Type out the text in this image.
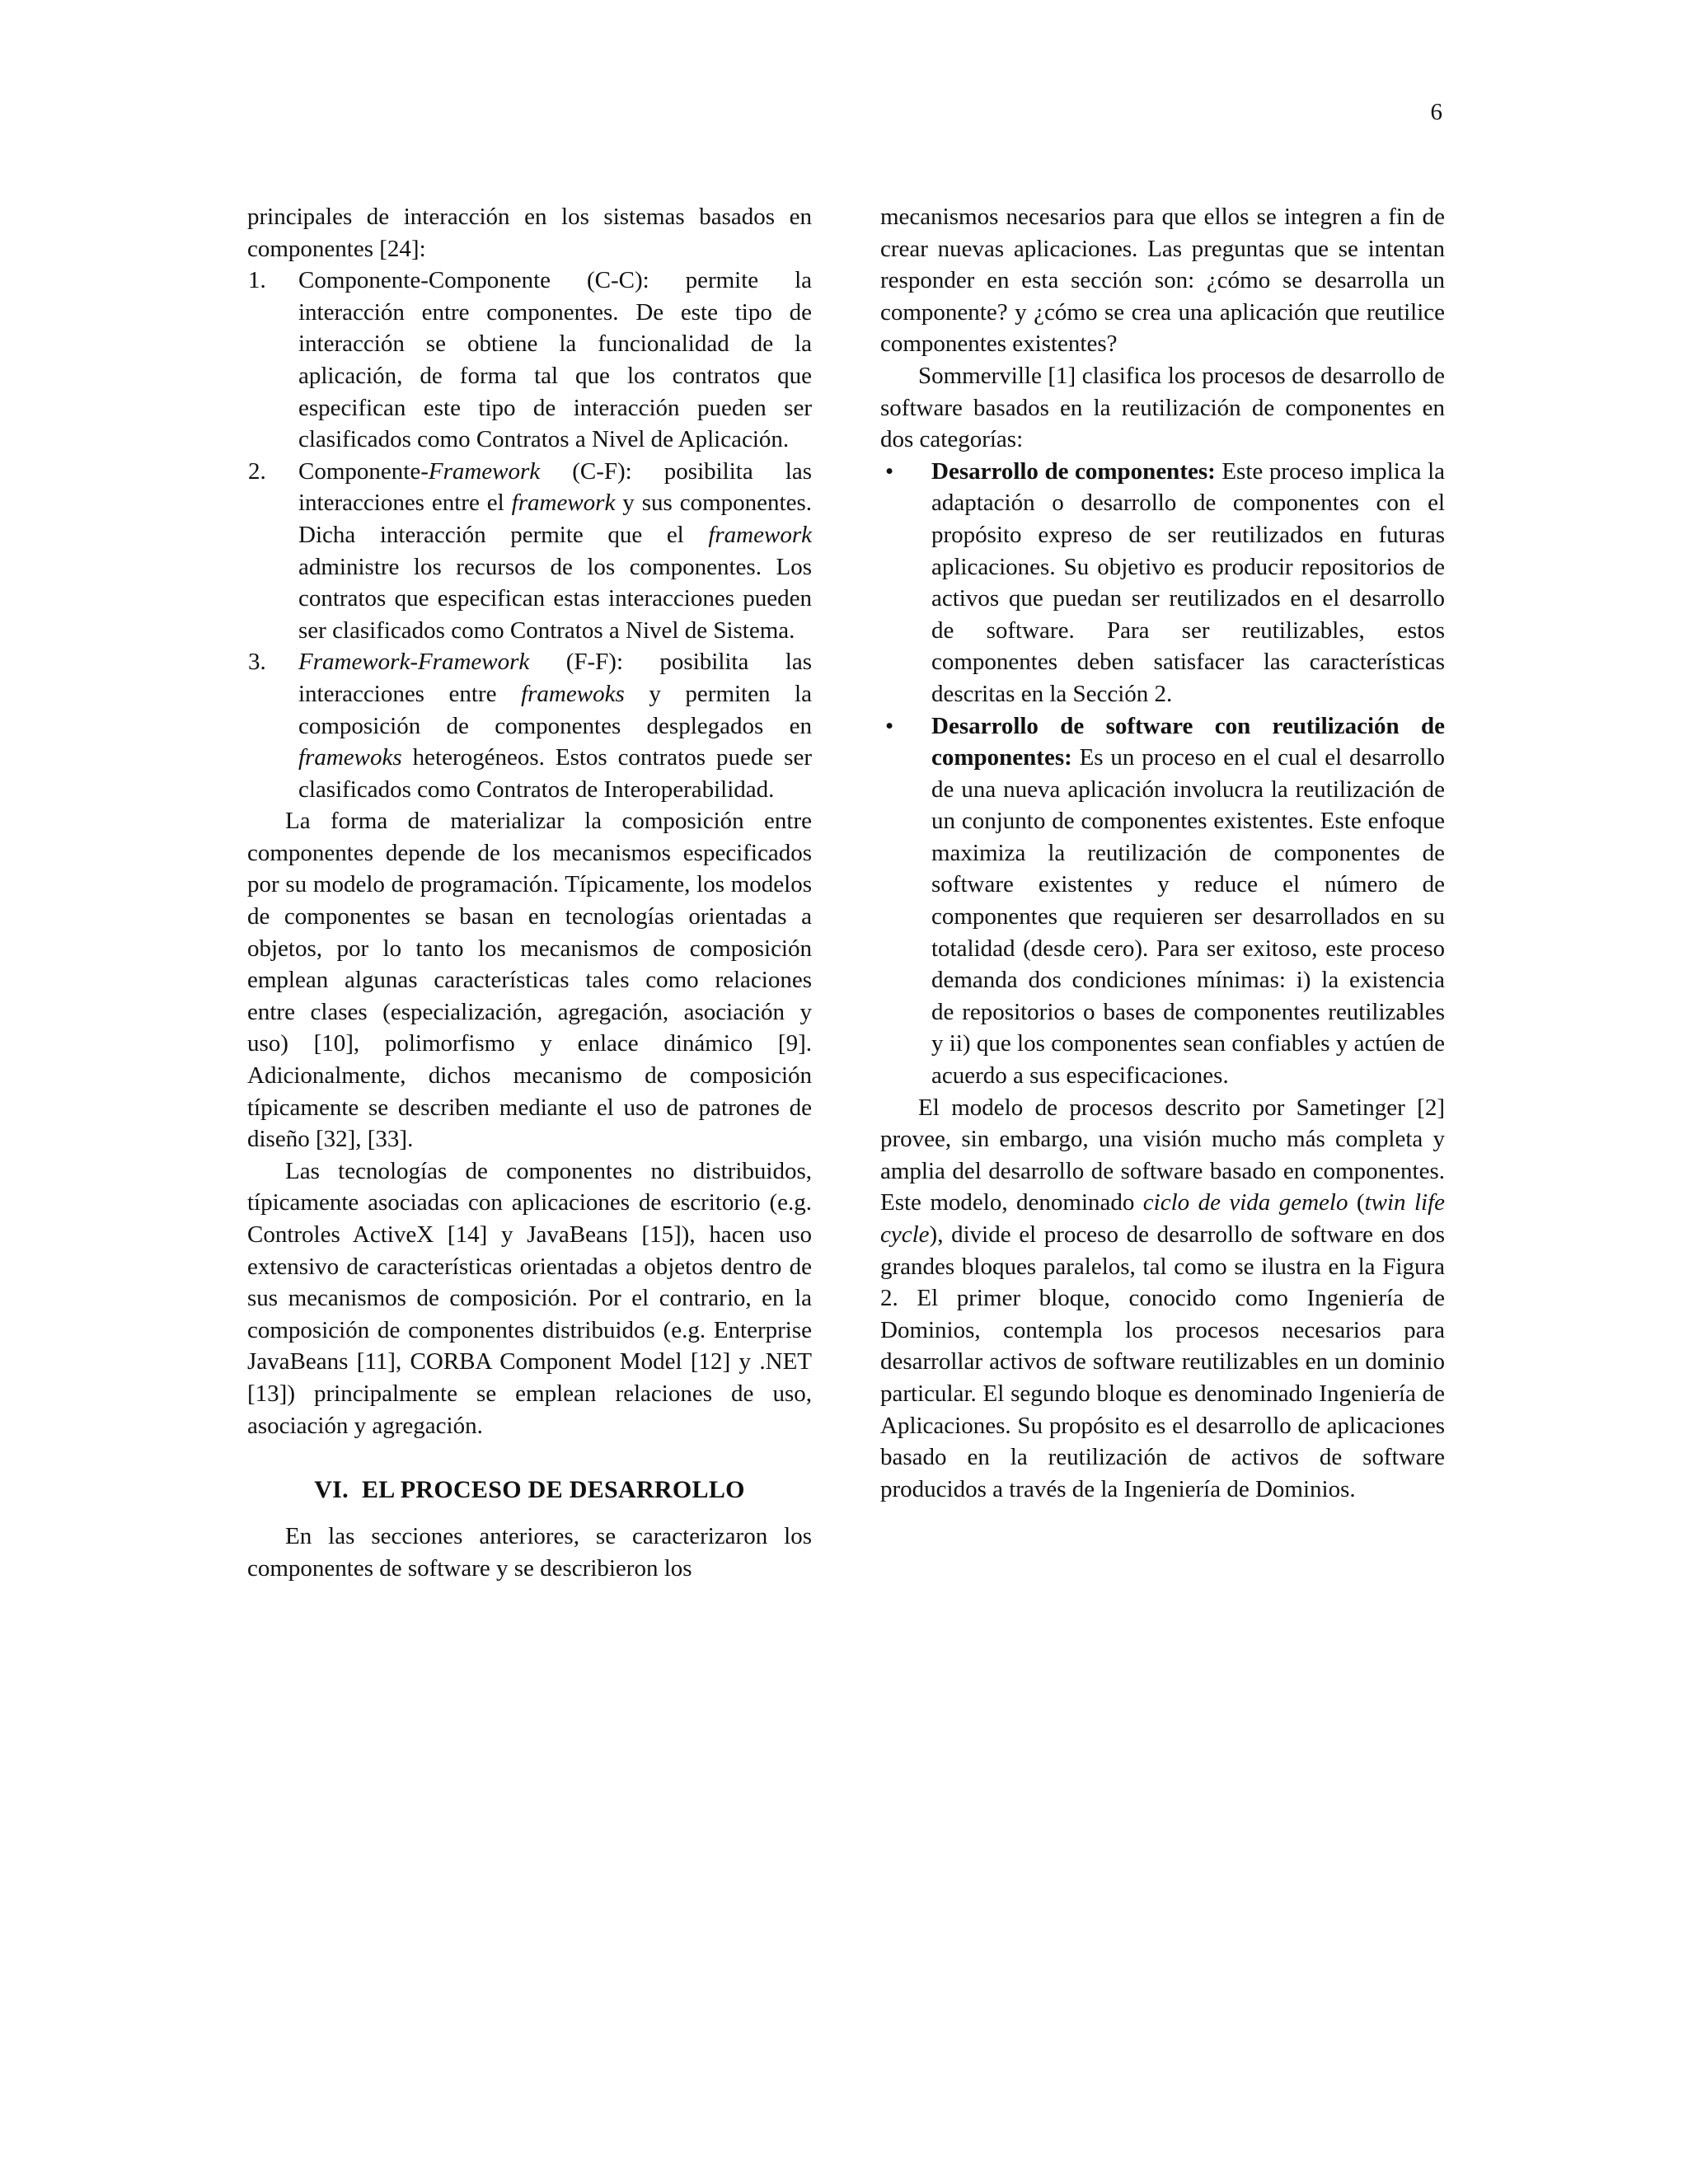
6

principales de interacción en los sistemas basados en componentes [24]:

1. Componente-Componente (C-C): permite la interacción entre componentes. De este tipo de interacción se obtiene la funcionalidad de la aplicación, de forma tal que los contratos que especifican este tipo de interacción pueden ser clasificados como Contratos a Nivel de Aplicación.
2. Componente-Framework (C-F): posibilita las interacciones entre el framework y sus componentes. Dicha interacción permite que el framework administre los recursos de los componentes. Los contratos que especifican estas interacciones pueden ser clasificados como Contratos a Nivel de Sistema.
3. Framework-Framework (F-F): posibilita las interacciones entre framewoks y permiten la composición de componentes desplegados en framewoks heterogéneos. Estos contratos puede ser clasificados como Contratos de Interoperabilidad.

La forma de materializar la composición entre componentes depende de los mecanismos especificados por su modelo de programación. Típicamente, los modelos de componentes se basan en tecnologías orientadas a objetos, por lo tanto los mecanismos de composición emplean algunas características tales como relaciones entre clases (especialización, agregación, asociación y uso) [10], polimorfismo y enlace dinámico [9]. Adicionalmente, dichos mecanismo de composición típicamente se describen mediante el uso de patrones de diseño [32], [33].

Las tecnologías de componentes no distribuidos, típicamente asociadas con aplicaciones de escritorio (e.g. Controles ActiveX [14] y JavaBeans [15]), hacen uso extensivo de características orientadas a objetos dentro de sus mecanismos de composición. Por el contrario, en la composición de componentes distribuidos (e.g. Enterprise JavaBeans [11], CORBA Component Model [12] y .NET [13]) principalmente se emplean relaciones de uso, asociación y agregación.

VI. EL PROCESO DE DESARROLLO

En las secciones anteriores, se caracterizaron los componentes de software y se describieron los

mecanismos necesarios para que ellos se integren a fin de crear nuevas aplicaciones. Las preguntas que se intentan responder en esta sección son: ¿cómo se desarrolla un componente? y ¿cómo se crea una aplicación que reutilice componentes existentes?

Sommerville [1] clasifica los procesos de desarrollo de software basados en la reutilización de componentes en dos categorías:

• Desarrollo de componentes: Este proceso implica la adaptación o desarrollo de componentes con el propósito expreso de ser reutilizados en futuras aplicaciones. Su objetivo es producir repositorios de activos que puedan ser reutilizados en el desarrollo de software. Para ser reutilizables, estos componentes deben satisfacer las características descritas en la Sección 2.
• Desarrollo de software con reutilización de componentes: Es un proceso en el cual el desarrollo de una nueva aplicación involucra la reutilización de un conjunto de componentes existentes. Este enfoque maximiza la reutilización de componentes de software existentes y reduce el número de componentes que requieren ser desarrollados en su totalidad (desde cero). Para ser exitoso, este proceso demanda dos condiciones mínimas: i) la existencia de repositorios o bases de componentes reutilizables y ii) que los componentes sean confiables y actúen de acuerdo a sus especificaciones.

El modelo de procesos descrito por Sametinger [2] provee, sin embargo, una visión mucho más completa y amplia del desarrollo de software basado en componentes. Este modelo, denominado ciclo de vida gemelo (twin life cycle), divide el proceso de desarrollo de software en dos grandes bloques paralelos, tal como se ilustra en la Figura 2. El primer bloque, conocido como Ingeniería de Dominios, contempla los procesos necesarios para desarrollar activos de software reutilizables en un dominio particular. El segundo bloque es denominado Ingeniería de Aplicaciones. Su propósito es el desarrollo de aplicaciones basado en la reutilización de activos de software producidos a través de la Ingeniería de Dominios.
